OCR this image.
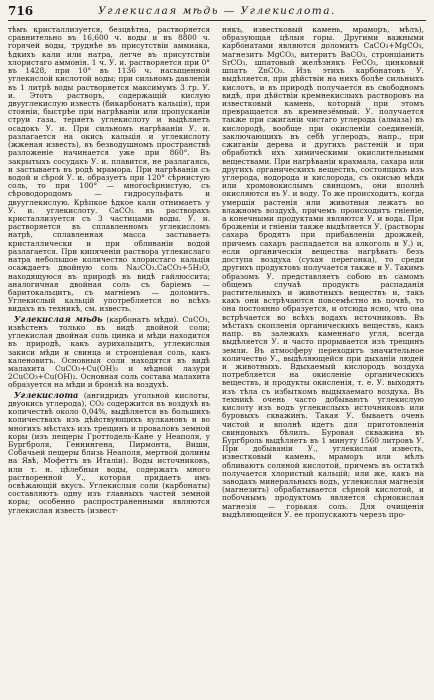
716	Углекислая мѣдь — Углекислота.

тѣмъ кристаллизуется, безцвѣтна, растворяется сравнительно въ 16,600 ч. воды и въ 8800 ч. горячей воды, труднѣе въ присутствіи аммиака, ѣдкихъ кали или натра, легче въ присутствіи хлористаго аммонія. 1 ч. У. и. растворяется при 0° въ 1428, при 10° въ 1136 ч. насыщенной углекислой кислотой воды; при сильномъ давленіи въ 1 литрѣ воды растворяется максимумъ 3 гр. У. и. Этотъ растворъ, содержащій кислую двууглекислую известь (бикарбонатъ кальція), при стояніи, быстрѣе при нагрѣваніи или пропусканіи струи газа, теряетъ углекислоту и выдѣляетъ осадокъ У. и. При сильномъ нагрѣваніи У. и. разлагается на окись кальція и углекислоту (жженая известь), въ безводушномъ пространствѣ разложеніе начинается уже при 860°. Въ закрытыхъ сосудахъ У. и. плавится, не разлагаясь, и застываетъ въ родѣ мрамора. При нагрѣваніи съ водой и сѣрой У. и. образуетъ при 120° сѣрнистую соль, то при 100° — многосѣрнистую, съ сѣроводородомъ — гидросульфатъ и двууглекислую. Крѣпкое ѣдкое кали отнимаетъ у У. и. углекислоту. CaCO₃ въ растворахъ кристаллизуется съ 3 частицами воды. У. и. растворяется въ сплавленномъ углекисломъ натрѣ, сплавленная масса застываетъ кристаллически и при обливаніи водой разлагается. При кипяченіи раствора углекислаго натра небольшое количество хлористаго кальція осаждаетъ двойную соль Na₂CO₃.CaCO₃+5H₂O, находящуюся въ природѣ въ видѣ гайлюссита; аналогичная двойная соль съ баріемъ — баритокальцитъ, съ магніемъ — доломитъ. Углекислый кальцій употребляется во всѣхъ видахъ въ техникѣ, см. известь.

Углекислая мѣдь (карбонатъ мѣди). CuCO₃, извѣстенъ только въ видѣ двойной соли; углекислая двойная соль цинка и мѣди находится въ природѣ, какъ аурихальцитъ, углекислыя закиси мѣди и свинца и стронціевая соль, какъ каленовитъ. Основныя соли находятся въ видѣ малахита CuCO₃+Cu(OH)₂ и мѣдной лазури 2CuCO₃+Cu(OH)₂. Основная соль состава малахита образуется на мѣди и бронзѣ на воздухѣ.

Углекислота (ангидридъ угольной кислоты, двуокись углерода), CO₂ содержится въ воздухѣ въ количествѣ около 0,04%, выдѣляется въ большихъ количествахъ изъ дѣйствующихъ вулкановъ и во многихъ мѣстахъ изъ трещинъ и проваловъ земной коры (изъ пещеры Гроттодель-Кане у Неаполя, у Бургброля, Геннингена, Пирмонта, Виши, Собачьей пещеры близь Неаполя, мертвой долины на Явѣ, Мофеттъ въ Италіи). Воды источниковъ, или т. н. цѣлебныя воды, содержатъ много растворенной У., которая придаетъ имъ освѣжающій вкусъ. Углекислыя соли (карбонаты) составляютъ одну изъ главныхъ частей земной коры; особенно распространенными являются углекислая известь (извест-

някъ, известковый камень, мраморъ, мѣлъ), образующая цѣлыя горы. Другими важными карбонатами являются доломитъ CaCO₃+MgCO₃, магнезитъ MgCO₃, витеритъ BaCO₃, стронціанитъ SrCO₃, шпатовый желѣзнякъ FeCO₃, цинковый шпатъ ZnCO₃. Изъ этихъ карбонатовъ У. выдѣляется, при дѣйствіи на нихъ болѣе сильныхъ кислотъ, и въ природѣ получается въ свободномъ видѣ, при дѣйствіи кремнекислыхъ растворовъ на известковый камень, который при этомъ превращается въ кремнезёмный. У. получается также при сжиганіи чистаго углерода (алмаза) въ кислородѣ, вообще при окисленіи соединеній, заключающихъ въ себѣ углеродъ, напр., при сжиганіи дерева и другихъ растеній и при обработкѣ ихъ химическими окислительными веществами. При нагрѣваніи крахмала, сахара или другихъ органическихъ веществъ, состоящихъ изъ углерода, водорода и кислорода, съ окисью мѣди или хромовокислымъ свинцомъ, они вполнѣ окисляются въ У. и воду. То же происходитъ, когда умершія растенія или животныя лежатъ во влажномъ воздухѣ, причемъ происходитъ гніеніе, а конечными продуктами являются У. и вода. При броженіи и гніеніи также выдѣляется У. (растворы сахара бродятъ при прибавленіи дрожжей, причемъ сахаръ распадается на алкоголь и У.) и, если органическія вещества нагрѣвать безъ доступа воздуха (сухая перегонка), то среди другихъ продуктовъ получается также и У. Такимъ образомъ У. представляетъ собою въ самомъ общемъ случаѣ продуктъ распаданія растительныхъ и животныхъ веществъ и, такъ какъ они встрѣчаются повсемѣстно въ почвѣ, то она постоянно образуется, и отсюда ясно, что она встрѣчается во всѣхъ водахъ источниковъ. Въ мѣстахъ скопленія органическихъ веществъ, какъ напр. въ залежахъ каменнаго угля, всегда выдѣляется У. и часто прорывается изъ трещинъ земли. Въ атмосферу переходитъ значительное количество У., выдѣляющейся при дыханіи людей и животныхъ. Вдыхаемый кислородъ воздуха потребляется на окисленіе органическихъ веществъ, и продукты окисленія, т. е. У. выходятъ изъ тѣла съ избыткомъ выдыхаемаго воздуха. Въ техникѣ очень часто добываютъ углекислую кислоту изъ водъ углекислыхъ источниковъ или буровыхъ скважинъ. Такая У. бываетъ очень чистой и вполнѣ идетъ для приготовленія свинцовыхъ бѣлилъ. Буровая скважина въ Бургброль выдѣляетъ въ 1 минуту 1560 литровъ У. При добываніи У., углекислая известь, известковый камень, мраморъ или мѣлъ обливаютъ соляной кислотой, причемъ въ остаткѣ получается хлористый кальцій; или же, какъ на заводахъ минеральныхъ водъ, углекислая магнезія (магнезитъ) обрабатывается сѣрной кислотой, и побочнымъ продуктомъ является сѣрнокислая магнезія — горькая соль. Для очищенія выдѣляющейся У. ее пропускаютъ черезъ про-
